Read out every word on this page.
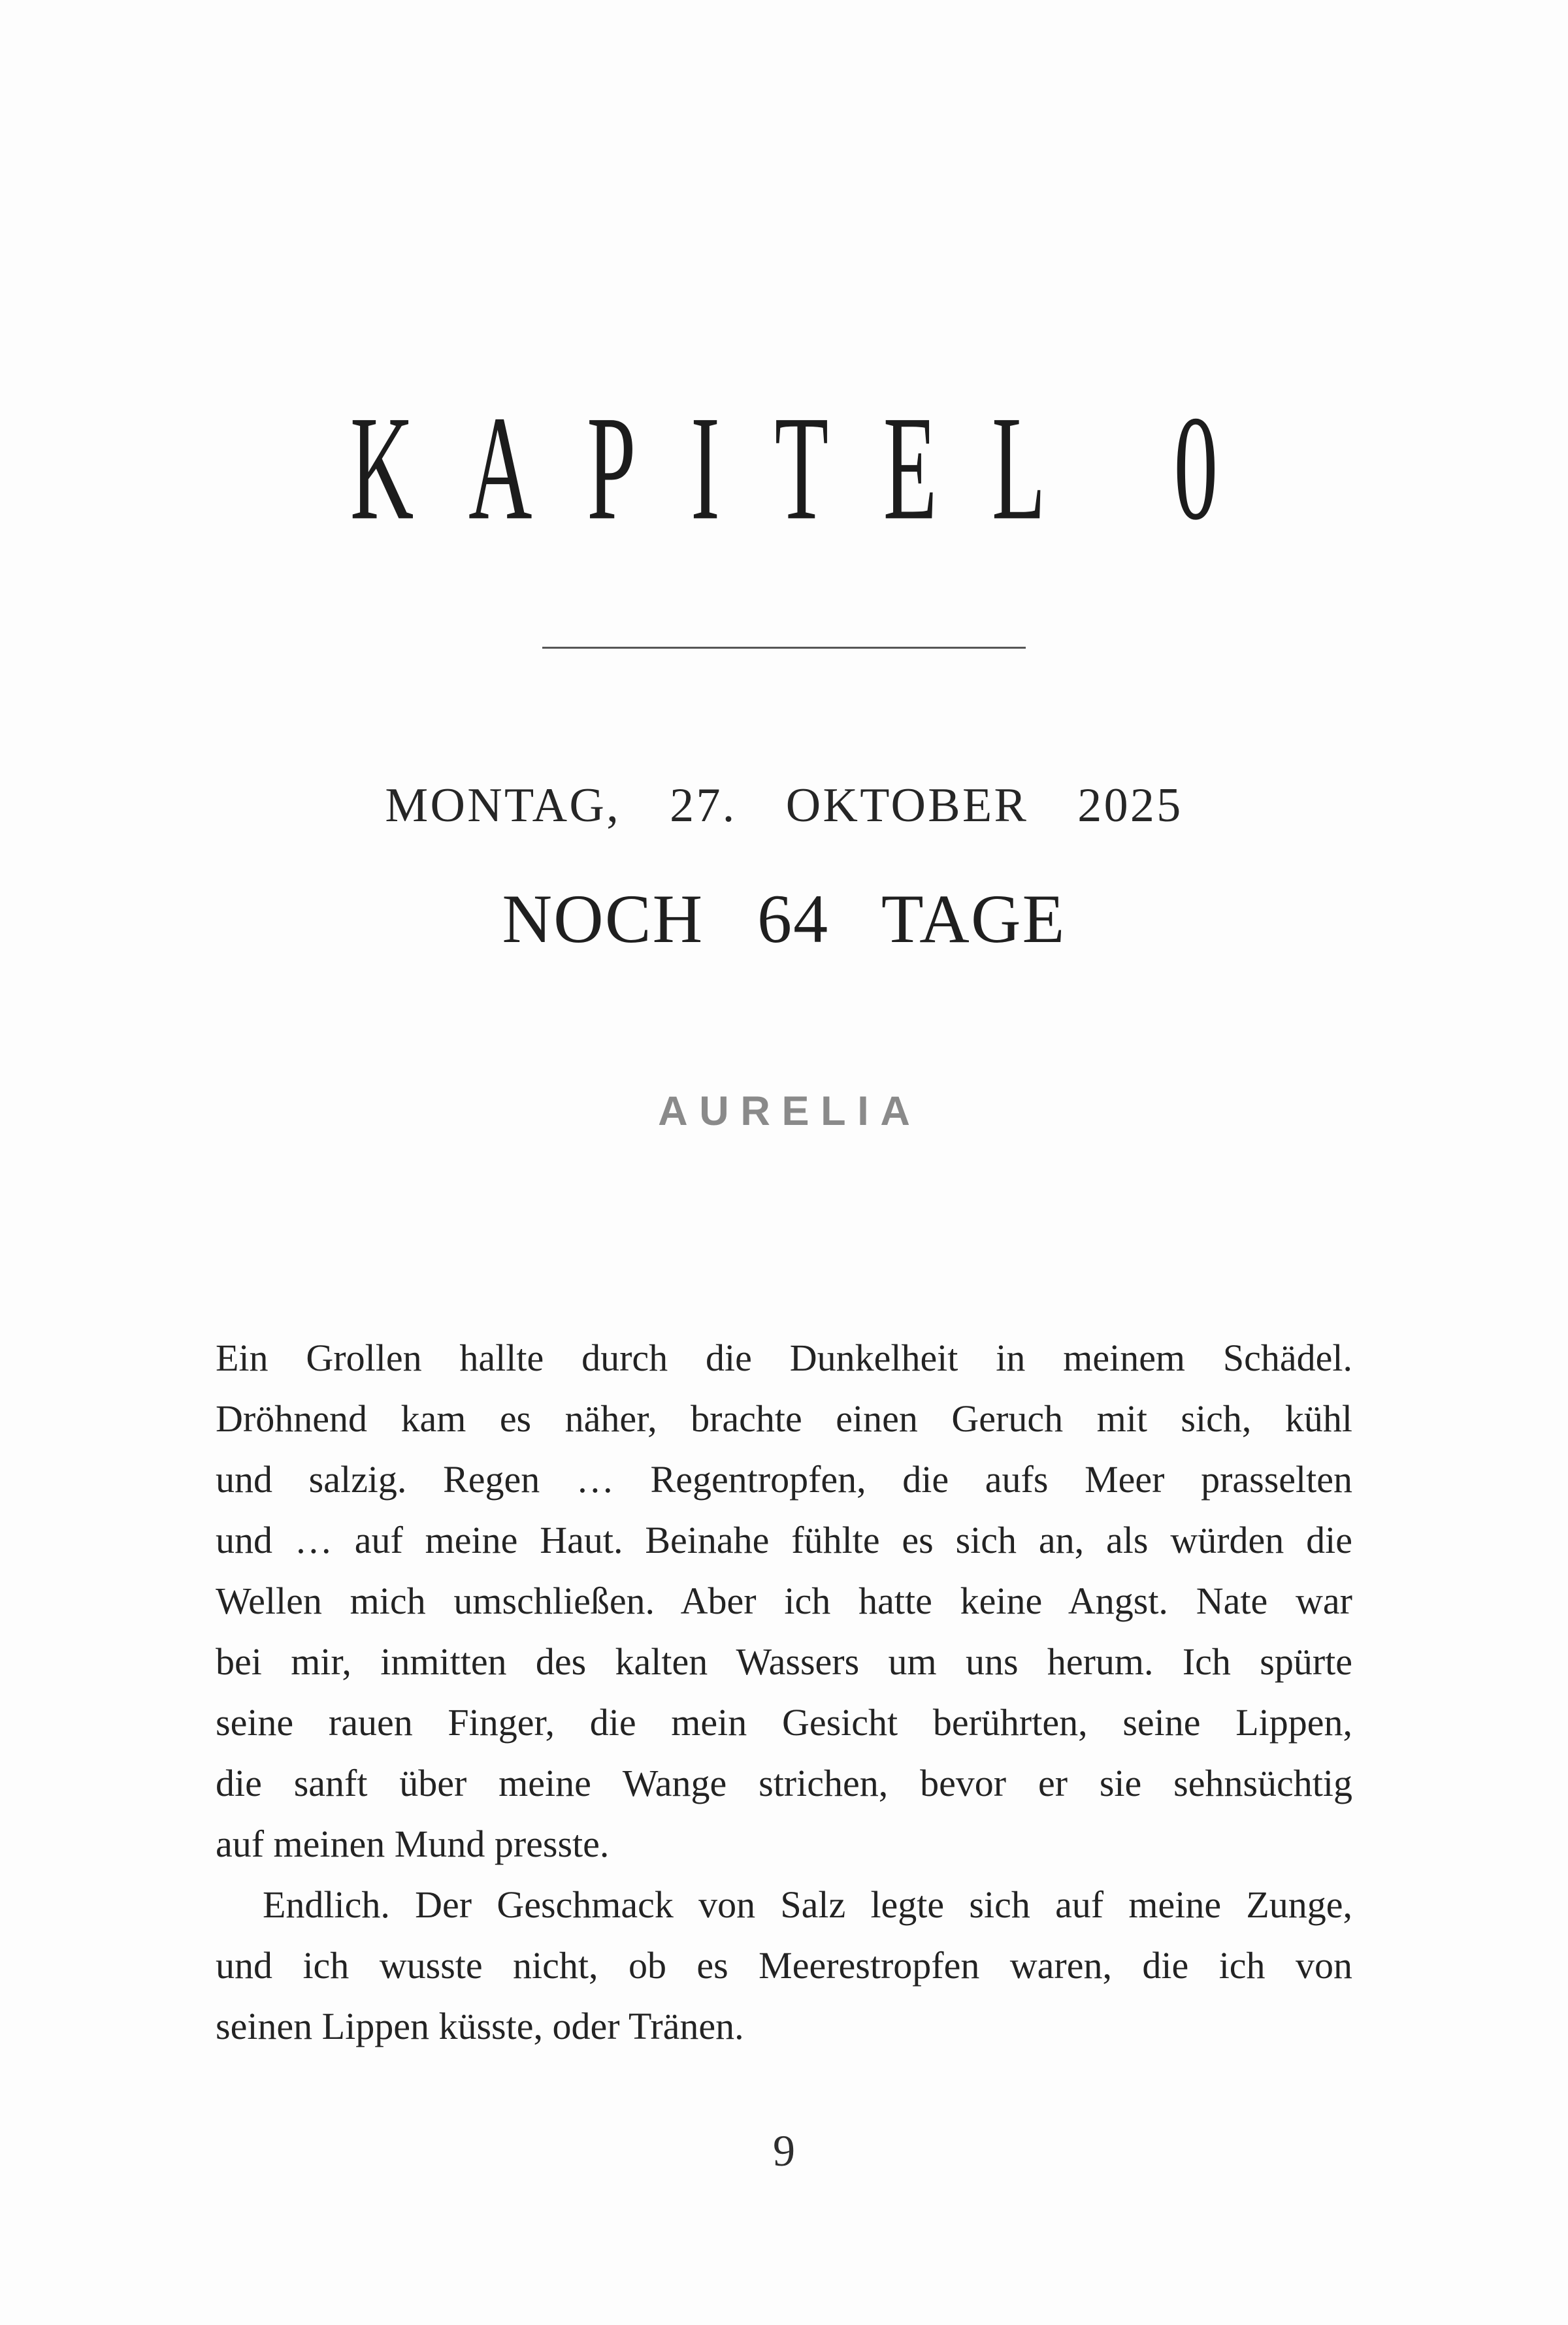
KAPITEL 0
MONTAG, 27. OKTOBER 2025
NOCH 64 TAGE
AURELIA
Ein Grollen hallte durch die Dunkelheit in meinem Schädel.
Dröhnend kam es näher, brachte einen Geruch mit sich, kühl
und salzig. Regen … Regentropfen, die aufs Meer prasselten
und … auf meine Haut. Beinahe fühlte es sich an, als würden die
Wellen mich umschließen. Aber ich hatte keine Angst. Nate war
bei mir, inmitten des kalten Wassers um uns herum. Ich spürte
seine rauen Finger, die mein Gesicht berührten, seine Lippen,
die sanft über meine Wange strichen, bevor er sie sehnsüchtig
auf meinen Mund presste.
Endlich. Der Geschmack von Salz legte sich auf meine Zunge,
und ich wusste nicht, ob es Meerestropfen waren, die ich von
seinen Lippen küsste, oder Tränen.
9
